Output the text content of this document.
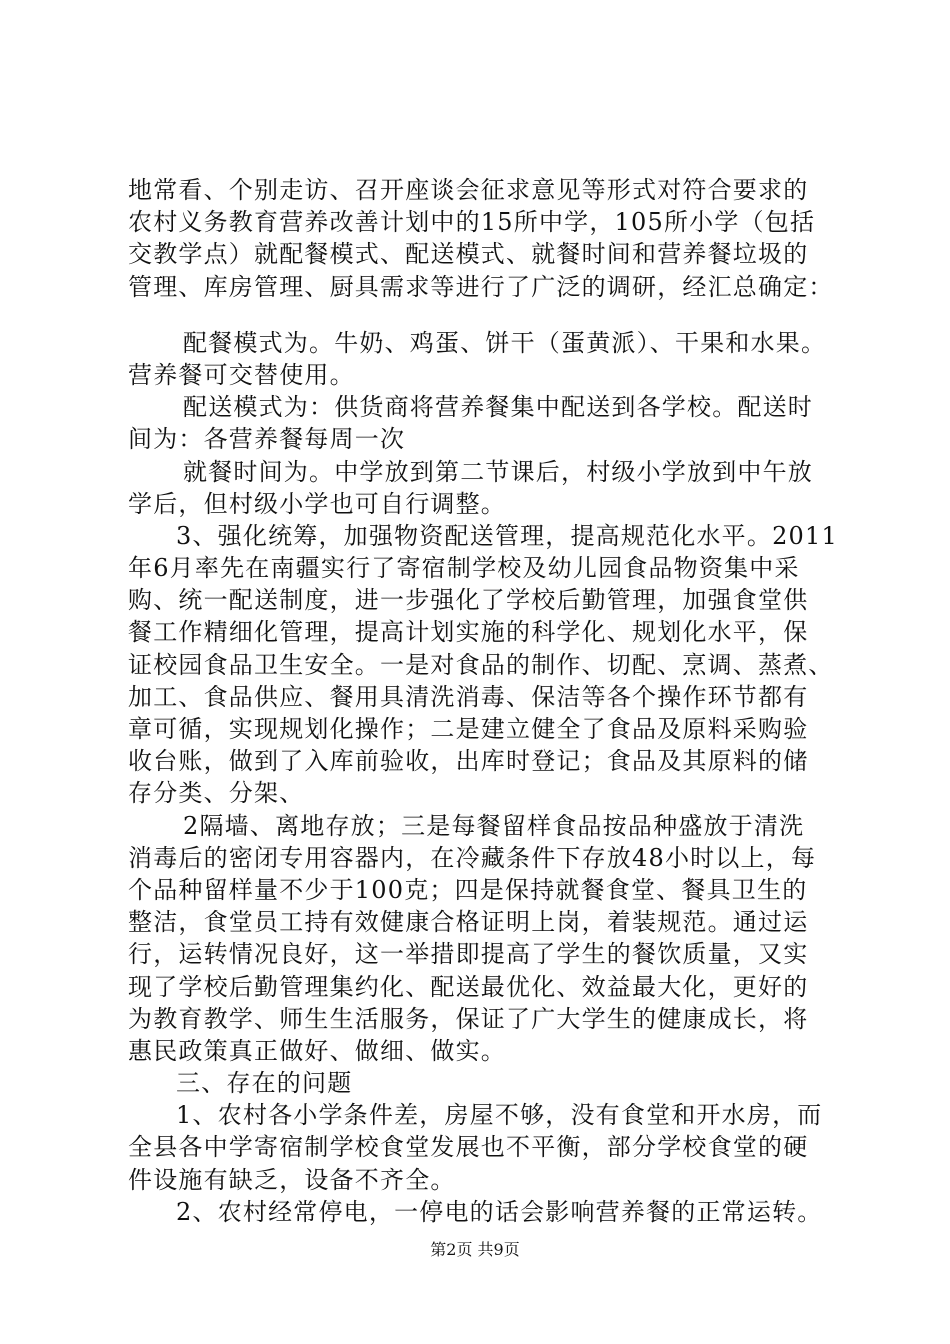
地常看、个别走访、召开座谈会征求意见等形式对符合要求的
农村义务教育营养改善计划中的15所中学，105所小学（包括
交教学点）就配餐模式、配送模式、就餐时间和营养餐垃圾的
管理、库房管理、厨具需求等进行了广泛的调研，经汇总确定：
配餐模式为。牛奶、鸡蛋、饼干（蛋黄派）、干果和水果。
营养餐可交替使用。
配送模式为：供货商将营养餐集中配送到各学校。配送时
间为：各营养餐每周一次
就餐时间为。中学放到第二节课后，村级小学放到中午放
学后，但村级小学也可自行调整。
3、强化统筹，加强物资配送管理，提高规范化水平。2011
年6月率先在南疆实行了寄宿制学校及幼儿园食品物资集中采
购、统一配送制度，进一步强化了学校后勤管理，加强食堂供
餐工作精细化管理，提高计划实施的科学化、规划化水平，保
证校园食品卫生安全。一是对食品的制作、切配、烹调、蒸煮、
加工、食品供应、餐用具清洗消毒、保洁等各个操作环节都有
章可循，实现规划化操作；二是建立健全了食品及原料采购验
收台账，做到了入库前验收，出库时登记；食品及其原料的储
存分类、分架、
2隔墙、离地存放；三是每餐留样食品按品种盛放于清洗
消毒后的密闭专用容器内，在冷藏条件下存放48小时以上，每
个品种留样量不少于100克；四是保持就餐食堂、餐具卫生的
整洁，食堂员工持有效健康合格证明上岗，着装规范。通过运
行，运转情况良好，这一举措即提高了学生的餐饮质量，又实
现了学校后勤管理集约化、配送最优化、效益最大化，更好的
为教育教学、师生生活服务，保证了广大学生的健康成长，将
惠民政策真正做好、做细、做实。
三、存在的问题
1、农村各小学条件差，房屋不够，没有食堂和开水房，而
全县各中学寄宿制学校食堂发展也不平衡，部分学校食堂的硬
件设施有缺乏，设备不齐全。
2、农村经常停电，一停电的话会影响营养餐的正常运转。
第2页 共9页
